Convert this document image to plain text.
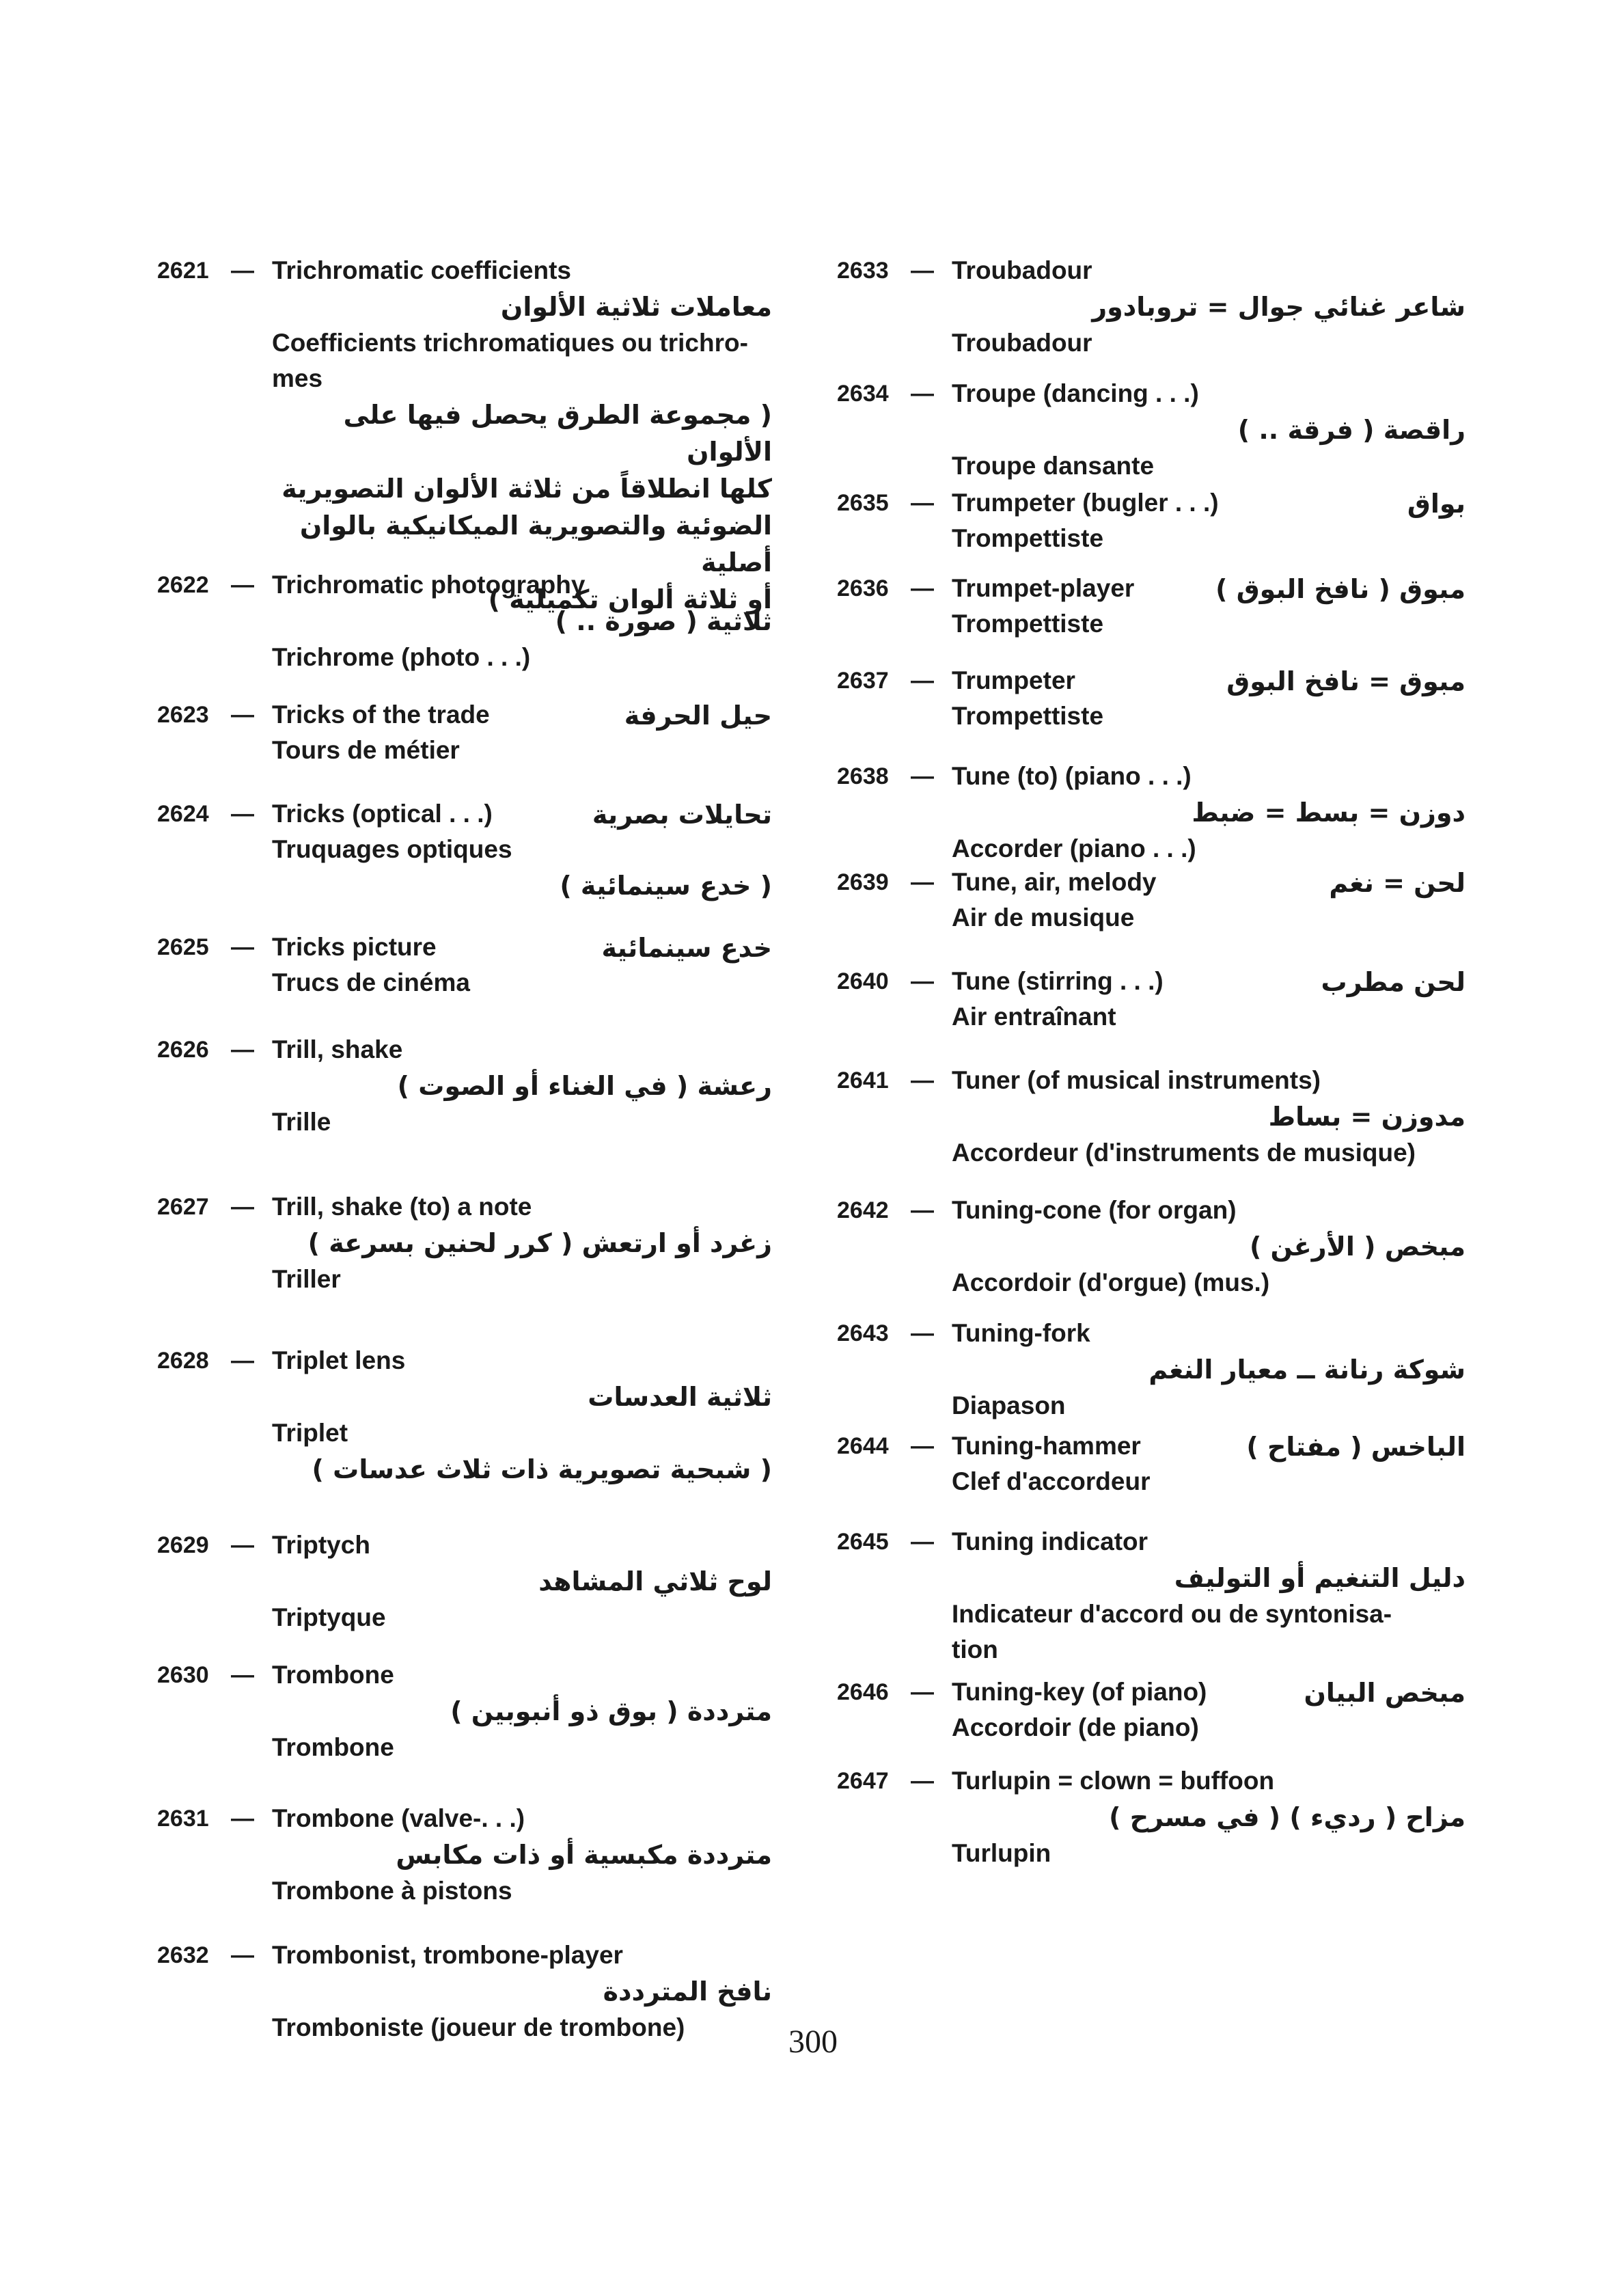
2621 — Trichromatic coefficients
معاملات ثلاثية الألوان
Coefficients trichromatiques ou trichro-
mes
( مجموعة الطرق يحصل فيها على الألوان
كلها انطلاقاً من ثلاثة الألوان التصويرية
الضوئية والتصويرية الميكانيكية بالوان أصلية
أو ثلاثة ألوان تكميلية )
2622 — Trichromatic photography
ثلاثية ( صورة .. )
Trichrome (photo . . .)
2623 — Tricks of the trade	حيل الحرفة
Tours de métier
2624 — Tricks (optical . . .)	تحايلات بصرية
Truquages optiques
( خدع سينمائية )
2625 — Tricks picture	خدع سينمائية
Trucs de cinéma
2626 — Trill, shake
رعشة ( في الغناء أو الصوت )
Trille
2627 — Trill, shake (to) a note
زغرد أو ارتعش ( كرر لحنين بسرعة )
Triller
2628 — Triplet lens
ثلاثية العدسات
Triplet
( شبحية تصويرية ذات ثلاث عدسات )
2629 — Triptych
لوح ثلاثي المشاهد
Triptyque
2630 — Trombone
مترددة ( بوق ذو أنبوبين )
Trombone
2631 — Trombone (valve-. . .)
مترددة مكبسية أو ذات مكابس
Trombone à pistons
2632 — Trombonist, trombone-player
نافخ المترددة
Tromboniste (joueur de trombone)
2633 — Troubadour
شاعر غنائي جوال = تروبادور
Troubadour
2634 — Troupe (dancing . . .)
راقصة ( فرقة .. )
Troupe dansante
2635 — Trumpeter (bugler . . .)	بواق
Trompettiste
2636 — Trumpet-player	مبوق ( نافخ البوق )
Trompettiste
2637 — Trumpeter	مبوق = نافخ البوق
Trompettiste
2638 — Tune (to) (piano . . .)
دوزن = بسط = ضبط
Accorder (piano . . .)
2639 — Tune, air, melody	لحن = نغم
Air de musique
2640 — Tune (stirring . . .)	لحن مطرب
Air entraînant
2641 — Tuner (of musical instruments)
مدوزن = بساط
Accordeur (d'instruments de musique)
2642 — Tuning-cone (for organ)
مبخص ( الأرغن )
Accordoir (d'orgue) (mus.)
2643 — Tuning-fork
شوكة رنانة ــ معيار النغم
Diapason
2644 — Tuning-hammer	الباخس ( مفتاح )
Clef d'accordeur
2645 — Tuning indicator
دليل التنغيم أو التوليف
Indicateur d'accord ou de syntonisa-
tion
2646 — Tuning-key (of piano)	مبخص البيان
Accordoir (de piano)
2647 — Turlupin = clown = buffoon
مزاح ( رديء ) ( في مسرح )
Turlupin
300
